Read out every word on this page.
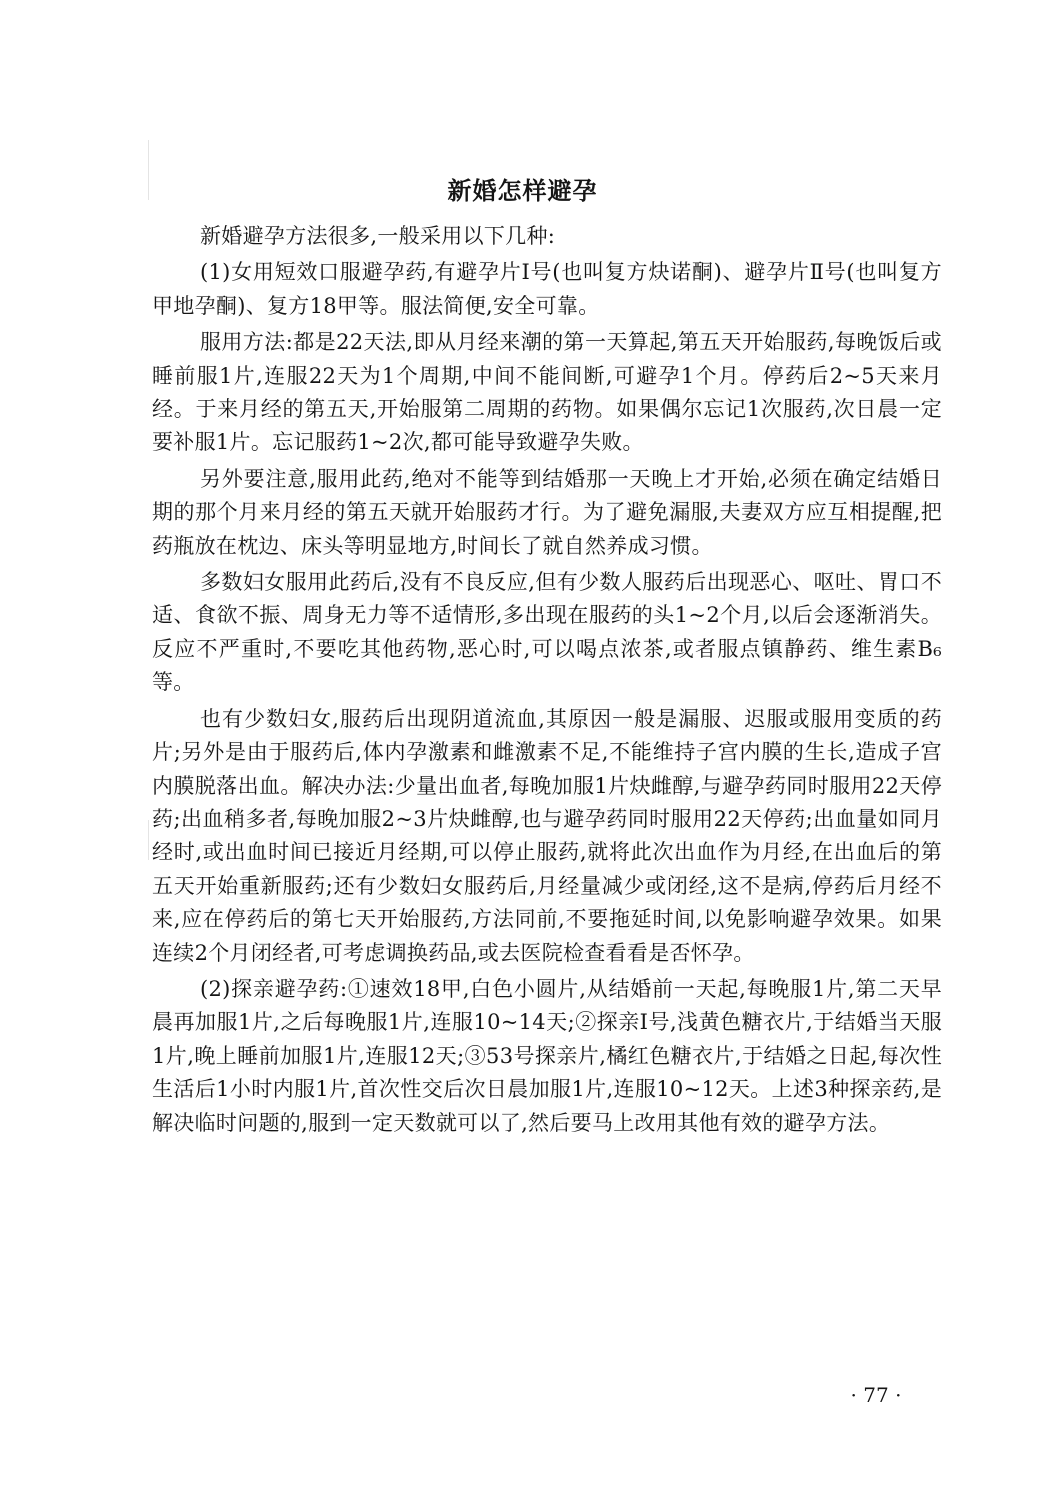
新婚怎样避孕

新婚避孕方法很多,一般采用以下几种:

(1)女用短效口服避孕药,有避孕片Ⅰ号(也叫复方炔诺酮)、避孕片Ⅱ号(也叫复方甲地孕酮)、复方18甲等。服法简便,安全可靠。

服用方法:都是22天法,即从月经来潮的第一天算起,第五天开始服药,每晚饭后或睡前服1片,连服22天为1个周期,中间不能间断,可避孕1个月。停药后2~5天来月经。于来月经的第五天,开始服第二周期的药物。如果偶尔忘记1次服药,次日晨一定要补服1片。忘记服药1~2次,都可能导致避孕失败。

另外要注意,服用此药,绝对不能等到结婚那一天晚上才开始,必须在确定结婚日期的那个月来月经的第五天就开始服药才行。为了避免漏服,夫妻双方应互相提醒,把药瓶放在枕边、床头等明显地方,时间长了就自然养成习惯。

多数妇女服用此药后,没有不良反应,但有少数人服药后出现恶心、呕吐、胃口不适、食欲不振、周身无力等不适情形,多出现在服药的头1~2个月,以后会逐渐消失。反应不严重时,不要吃其他药物,恶心时,可以喝点浓茶,或者服点镇静药、维生素B₆等。

也有少数妇女,服药后出现阴道流血,其原因一般是漏服、迟服或服用变质的药片;另外是由于服药后,体内孕激素和雌激素不足,不能维持子宫内膜的生长,造成子宫内膜脱落出血。解决办法:少量出血者,每晚加服1片炔雌醇,与避孕药同时服用22天停药;出血稍多者,每晚加服2~3片炔雌醇,也与避孕药同时服用22天停药;出血量如同月经时,或出血时间已接近月经期,可以停止服药,就将此次出血作为月经,在出血后的第五天开始重新服药;还有少数妇女服药后,月经量减少或闭经,这不是病,停药后月经不来,应在停药后的第七天开始服药,方法同前,不要拖延时间,以免影响避孕效果。如果连续2个月闭经者,可考虑调换药品,或去医院检查看看是否怀孕。

(2)探亲避孕药:①速效18甲,白色小圆片,从结婚前一天起,每晚服1片,第二天早晨再加服1片,之后每晚服1片,连服10~14天;②探亲Ⅰ号,浅黄色糖衣片,于结婚当天服1片,晚上睡前加服1片,连服12天;③53号探亲片,橘红色糖衣片,于结婚之日起,每次性生活后1小时内服1片,首次性交后次日晨加服1片,连服10~12天。上述3种探亲药,是解决临时问题的,服到一定天数就可以了,然后要马上改用其他有效的避孕方法。

· 77 ·
